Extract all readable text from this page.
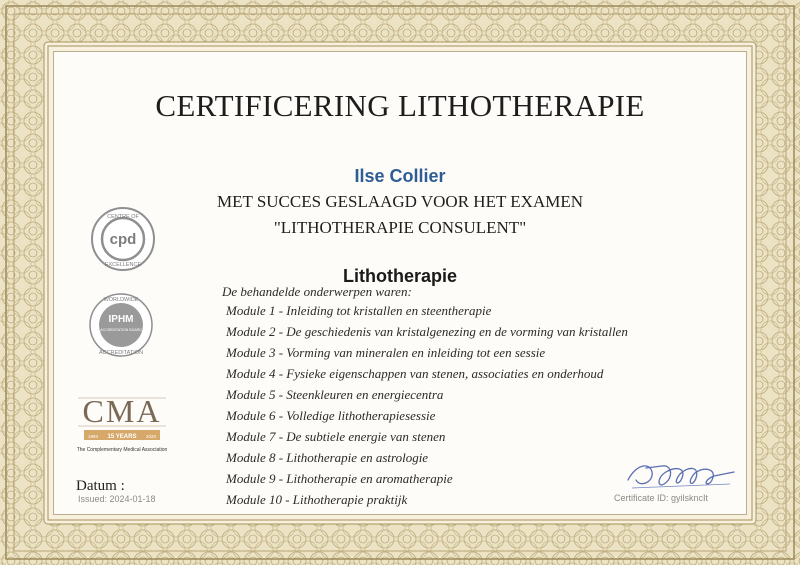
CERTIFICERING LITHOTHERAPIE
Ilse Collier
MET SUCCES GESLAAGD VOOR HET EXAMEN
"LITHOTHERAPIE CONSULENT"
De behandelde onderwerpen waren:
Lithotherapie
Module 1 - Inleiding tot kristallen en steentherapie
Module 2 - De geschiedenis van kristalgenezing en de vorming van kristallen
Module 3 - Vorming van mineralen en inleiding tot een sessie
Module 4 - Fysieke eigenschappen van stenen, associaties en onderhoud
Module 5 - Steenkleuren en energiecentra
Module 6 - Volledige lithotherapiesessie
Module 7 - De subtiele energie van stenen
Module 8 - Lithotherapie en astrologie
Module 9 - Lithotherapie en aromatherapie
Module 10 - Lithotherapie praktijk
cpd
CENTRE OF
EXCELLENCE
IPHM
ACCREDITATION BOARD
WORLDWIDE
ACCREDITATION
CMA
15 YEARS
1993	2020
The Complementary Medical Association
Datum :
Issued: 2024-01-18	Certificate ID: gyilskncIt
